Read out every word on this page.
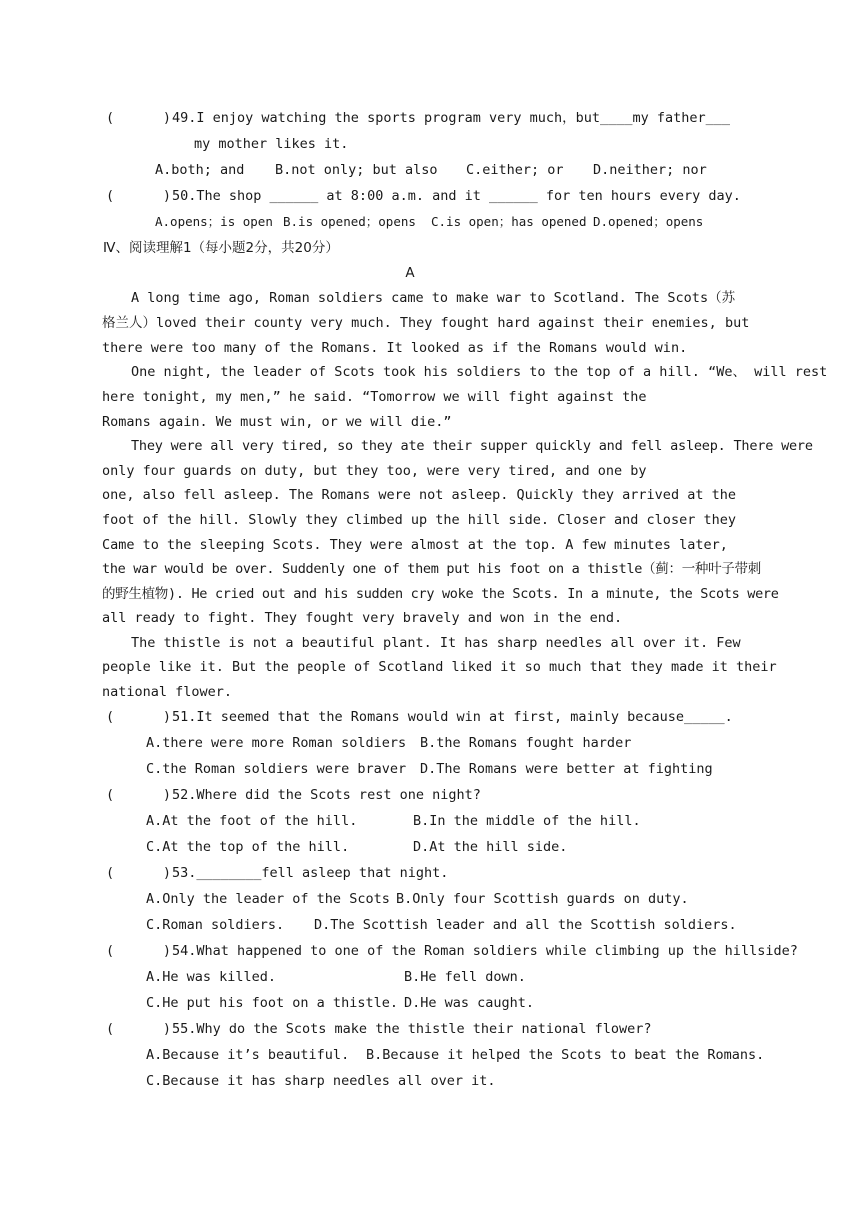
(      ) 49.I enjoy watching the sports program very much，but____my father___
my mother likes it.
A.both; and B.not only; but also C.either; or D.neither; nor
(      ) 50.The shop ______ at 8:00 a.m. and it ______ for ten hours every day.
A.opens；is open B.is opened；opens C.is open；has opened D.opened；opens
Ⅳ、阅读理解1（每小题2分，共20分）
A
A long time ago, Roman soldiers came to make war to Scotland. The Scots（苏
格兰人）loved their county very much. They fought hard against their enemies, but
there were too many of the Romans. It looked as if the Romans would win.
One night, the leader of Scots took his soldiers to the top of a hill. “We、 will rest
here tonight, my men,” he said. “Tomorrow we will fight against the
Romans again. We must win, or we will die.”
They were all very tired, so they ate their supper quickly and fell asleep. There were
only four guards on duty, but they too, were very tired, and one by
one, also fell asleep. The Romans were not asleep. Quickly they arrived at the
foot of the hill. Slowly they climbed up the hill side. Closer and closer they
Came to the sleeping Scots. They were almost at the top. A few minutes later,
the war would be over. Suddenly one of them put his foot on a thistle（蓟：一种叶子带刺
的野生植物). He cried out and his sudden cry woke the Scots. In a minute, the Scots were
all ready to fight. They fought very bravely and won in the end.
The thistle is not a beautiful plant. It has sharp needles all over it. Few
people like it. But the people of Scotland liked it so much that they made it their
national flower.
(      ) 51.It seemed that the Romans would win at first, mainly because_____.
A.there were more Roman soldiers B.the Romans fought harder
C.the Roman soldiers were braver D.The Romans were better at fighting
(      ) 52.Where did the Scots rest one night?
A.At the foot of the hill.	B.In the middle of the hill.
C.At the top of the hill.	D.At the hill side.
(      ) 53.________fell asleep that night.
A.Only the leader of the Scots B.Only four Scottish guards on duty.
C.Roman soldiers. D.The Scottish leader and all the Scottish soldiers.
(      ) 54.What happened to one of the Roman soldiers while climbing up the hillside?
A.He was killed.	B.He fell down.
C.He put his foot on a thistle. D.He was caught.
(      ) 55.Why do the Scots make the thistle their national flower?
A.Because it’s beautiful. B.Because it helped the Scots to beat the Romans.
C.Because it has sharp needles all over it.
